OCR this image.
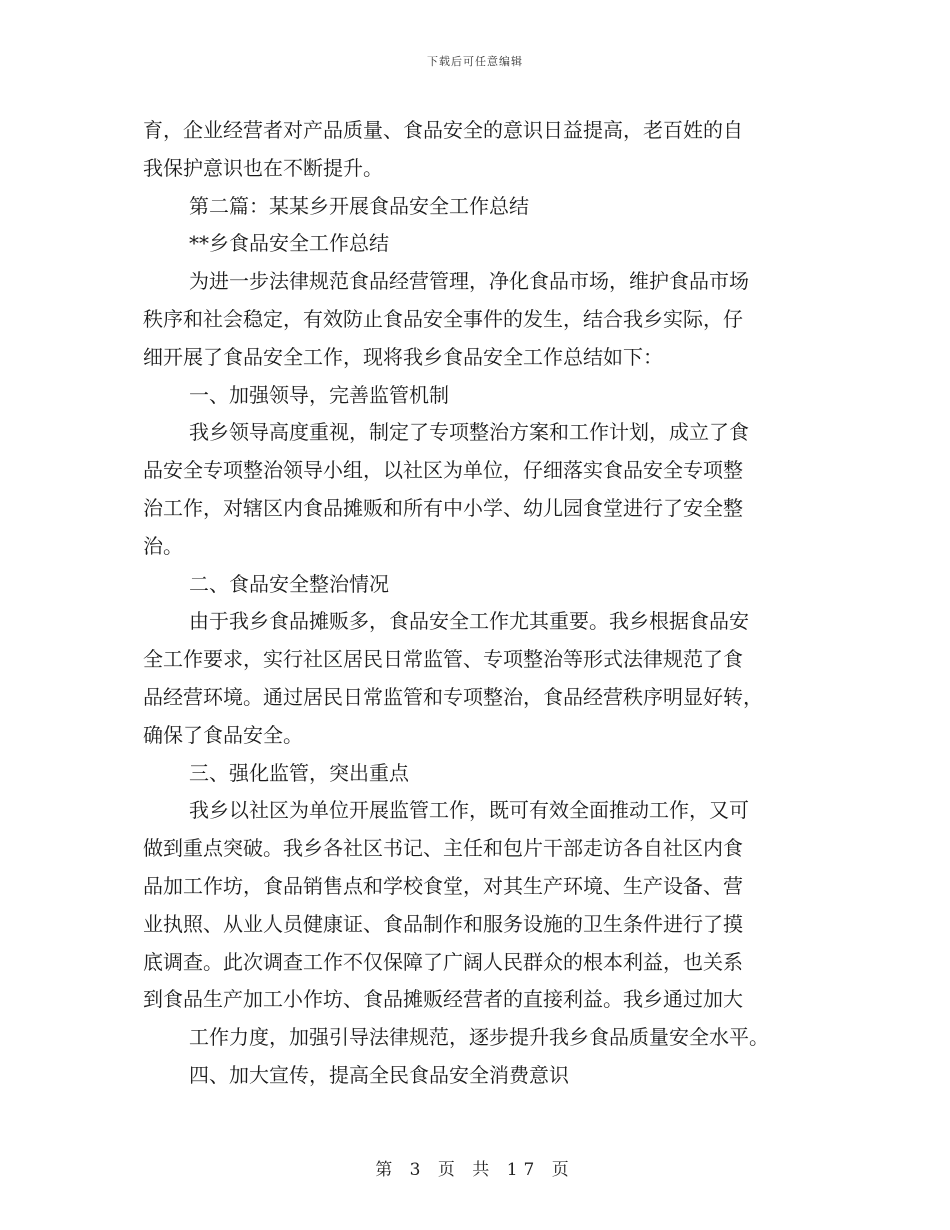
下载后可任意编辑
育，企业经营者对产品质量、食品安全的意识日益提高，老百姓的自
我保护意识也在不断提升。
第二篇：某某乡开展食品安全工作总结
**乡食品安全工作总结
为进一步法律规范食品经营管理，净化食品市场，维护食品市场
秩序和社会稳定，有效防止食品安全事件的发生，结合我乡实际，仔
细开展了食品安全工作，现将我乡食品安全工作总结如下：
一、加强领导，完善监管机制
我乡领导高度重视，制定了专项整治方案和工作计划，成立了食
品安全专项整治领导小组，以社区为单位，仔细落实食品安全专项整
治工作，对辖区内食品摊贩和所有中小学、幼儿园食堂进行了安全整
治。
二、食品安全整治情况
由于我乡食品摊贩多，食品安全工作尤其重要。我乡根据食品安
全工作要求，实行社区居民日常监管、专项整治等形式法律规范了食
品经营环境。通过居民日常监管和专项整治，食品经营秩序明显好转，
确保了食品安全。
三、强化监管，突出重点
我乡以社区为单位开展监管工作，既可有效全面推动工作，又可
做到重点突破。我乡各社区书记、主任和包片干部走访各自社区内食
品加工作坊，食品销售点和学校食堂，对其生产环境、生产设备、营
业执照、从业人员健康证、食品制作和服务设施的卫生条件进行了摸
底调查。此次调查工作不仅保障了广阔人民群众的根本利益，也关系
到食品生产加工小作坊、食品摊贩经营者的直接利益。我乡通过加大
工作力度，加强引导法律规范，逐步提升我乡食品质量安全水平。
四、加大宣传，提高全民食品安全消费意识
第 3 页 共 17 页
